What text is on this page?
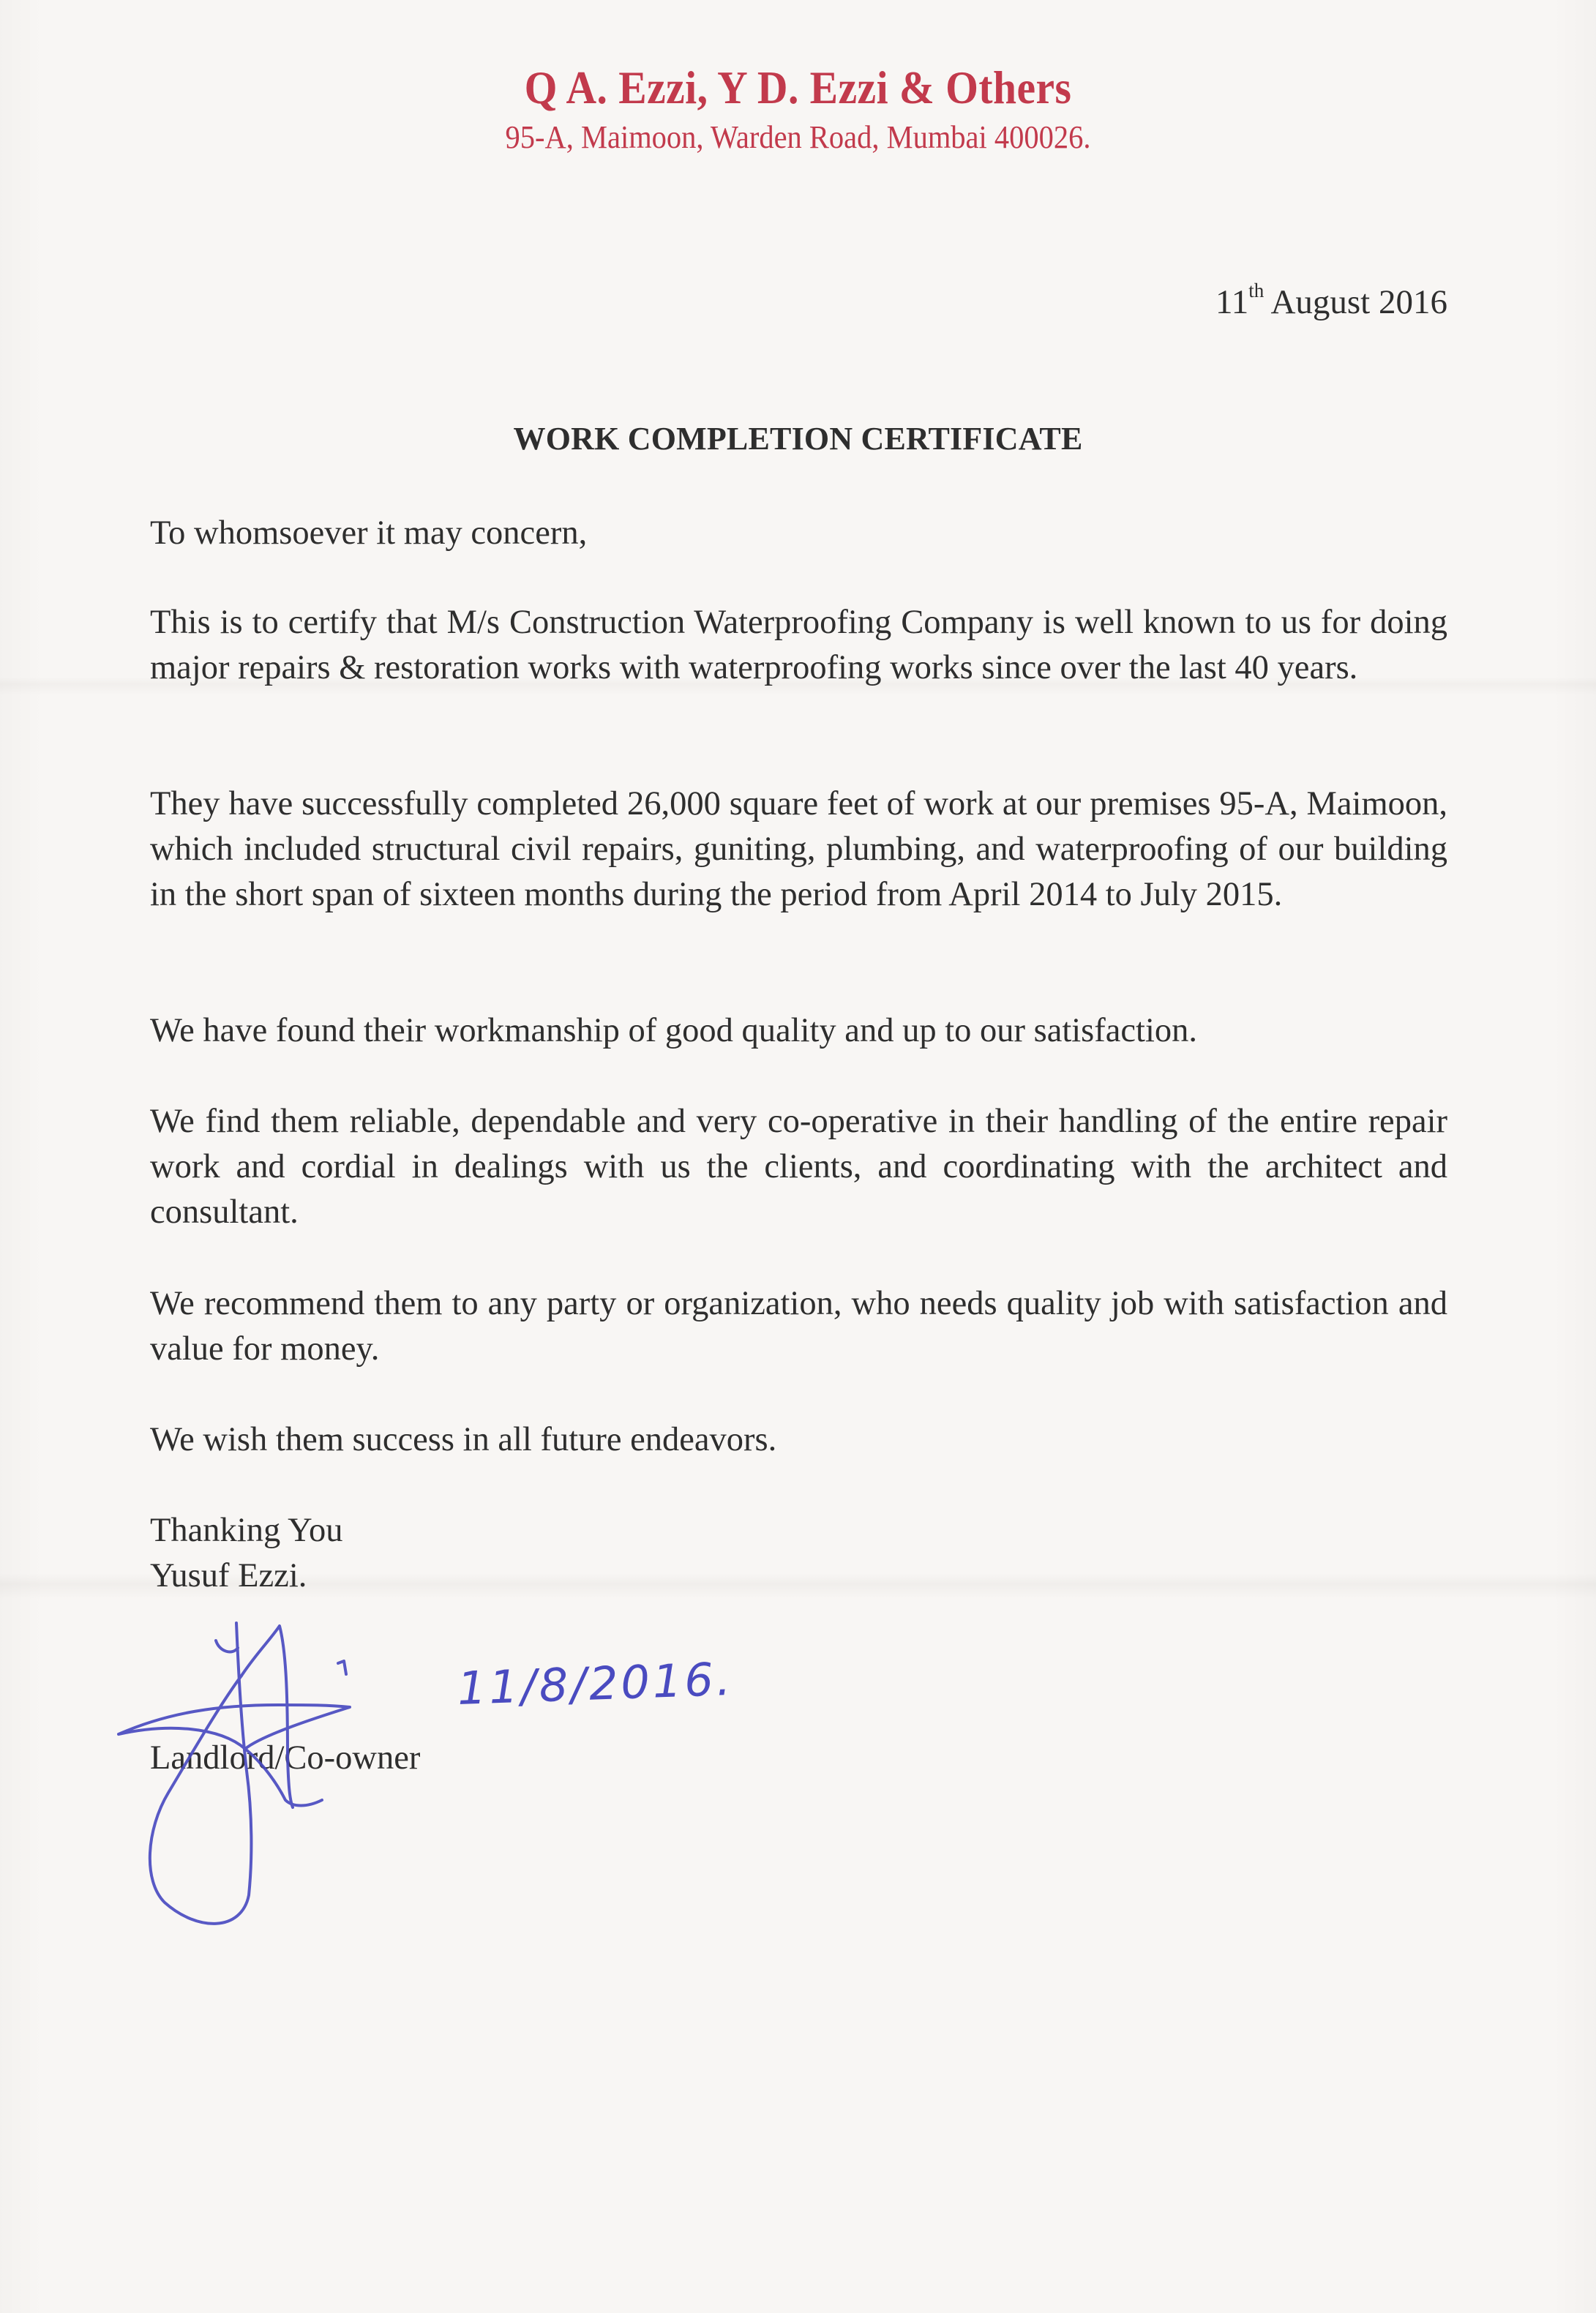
Q A. Ezzi, Y D. Ezzi & Others
95-A, Maimoon, Warden Road, Mumbai 400026.
11th August 2016
WORK COMPLETION CERTIFICATE
To whomsoever it may concern,
This is to certify that M/s Construction Waterproofing Company is well known to us for doing major repairs & restoration works with waterproofing works since over the last 40 years.
They have successfully completed 26,000 square feet of work at our premises 95-A, Maimoon, which included structural civil repairs, guniting, plumbing, and waterproofing of our building in the short span of sixteen months during the period from April 2014 to July 2015.
We have found their workmanship of good quality and up to our satisfaction.
We find them reliable, dependable and very co-operative in their handling of the entire repair work and cordial in dealings with us the clients, and coordinating with the architect and consultant.
We recommend them to any party or organization, who needs quality job with satisfaction and value for money.
We wish them success in all future endeavors.
Thanking You
Yusuf Ezzi.
Landlord/Co-owner
11/8/2016.
